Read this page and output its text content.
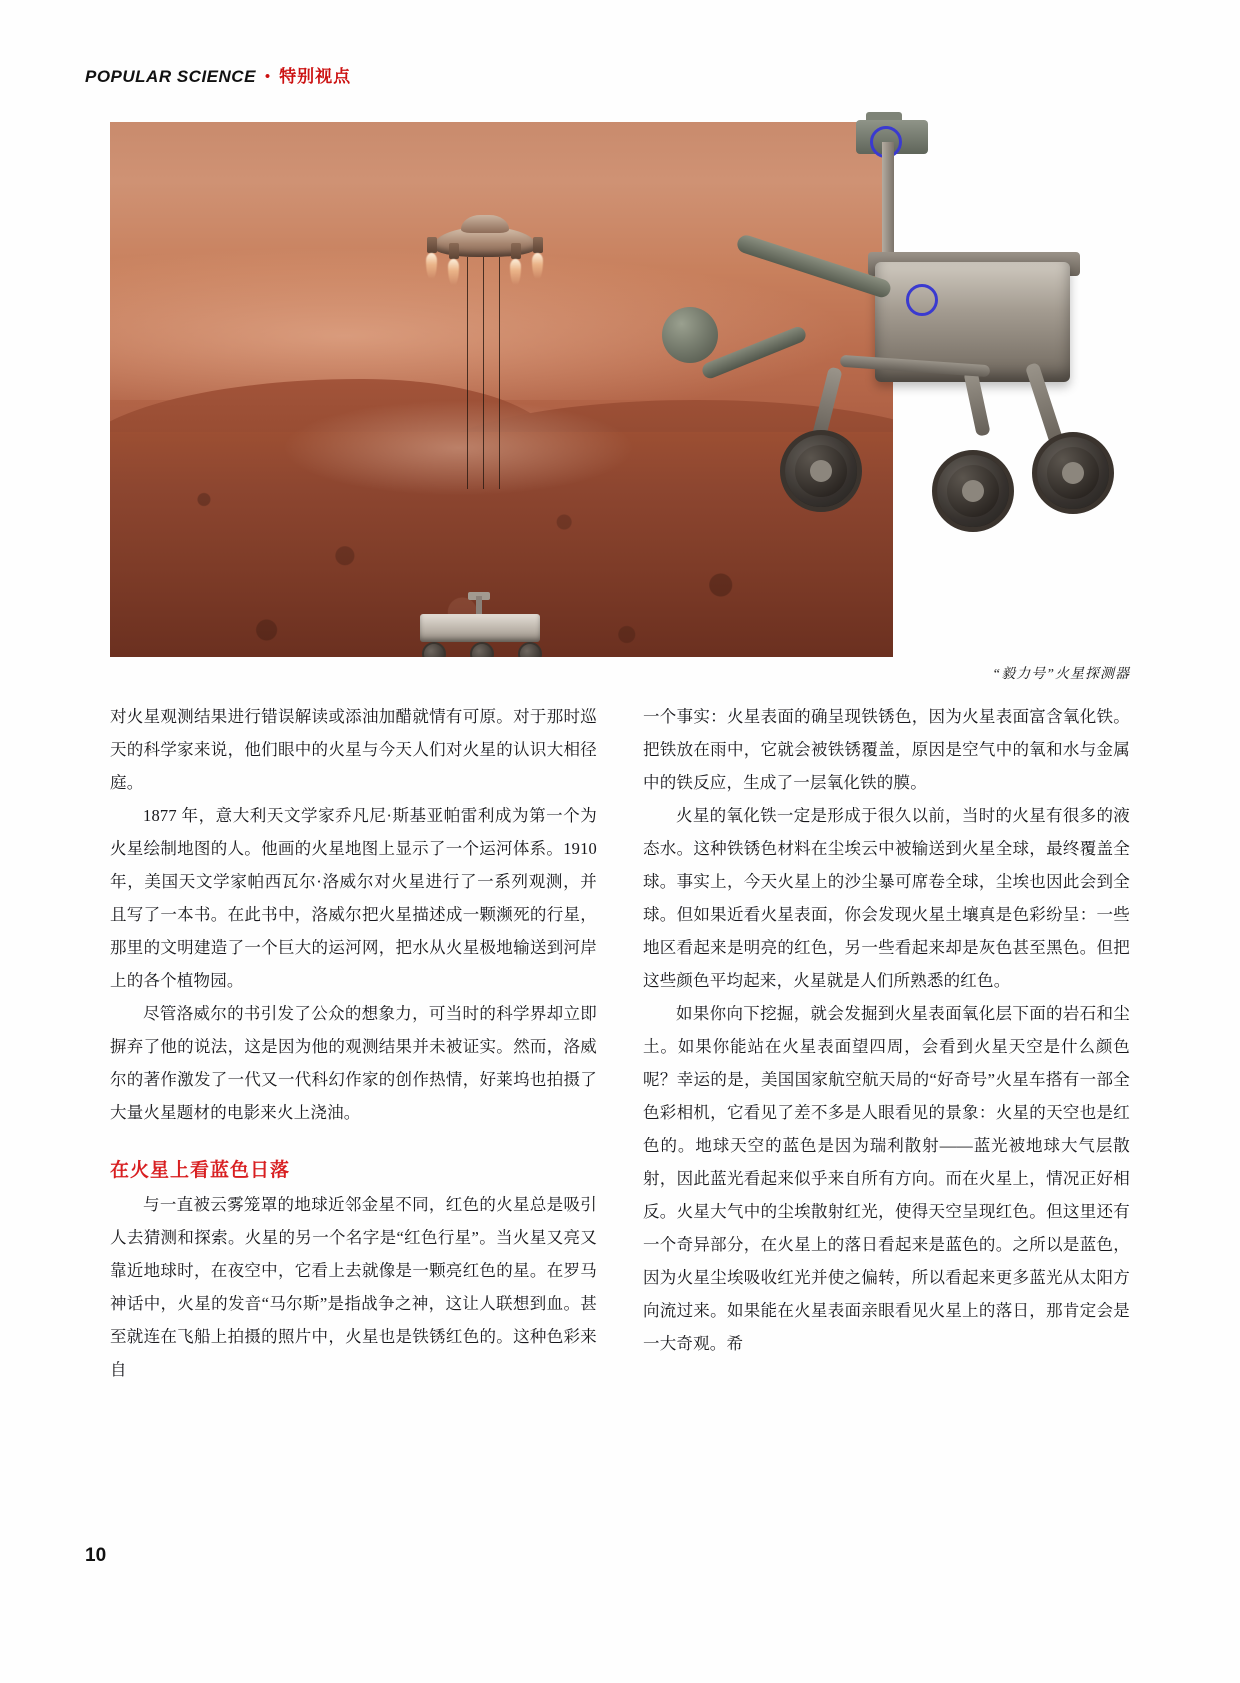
POPULAR SCIENCE • 特别视点
“毅力号”火星探测器

对火星观测结果进行错误解读或添油加醋就情有可原。对于那时巡天的科学家来说，他们眼中的火星与今天人们对火星的认识大相径庭。

1877 年，意大利天文学家乔凡尼·斯基亚帕雷利成为第一个为火星绘制地图的人。他画的火星地图上显示了一个运河体系。1910 年，美国天文学家帕西瓦尔·洛威尔对火星进行了一系列观测，并且写了一本书。在此书中，洛威尔把火星描述成一颗濒死的行星，那里的文明建造了一个巨大的运河网，把水从火星极地输送到河岸上的各个植物园。

尽管洛威尔的书引发了公众的想象力，可当时的科学界却立即摒弃了他的说法，这是因为他的观测结果并未被证实。然而，洛威尔的著作激发了一代又一代科幻作家的创作热情，好莱坞也拍摄了大量火星题材的电影来火上浇油。

在火星上看蓝色日落

与一直被云雾笼罩的地球近邻金星不同，红色的火星总是吸引人去猜测和探索。火星的另一个名字是“红色行星”。当火星又亮又靠近地球时，在夜空中，它看上去就像是一颗亮红色的星。在罗马神话中，火星的发音“马尔斯”是指战争之神，这让人联想到血。甚至就连在飞船上拍摄的照片中，火星也是铁锈红色的。这种色彩来自

一个事实：火星表面的确呈现铁锈色，因为火星表面富含氧化铁。把铁放在雨中，它就会被铁锈覆盖，原因是空气中的氧和水与金属中的铁反应，生成了一层氧化铁的膜。

火星的氧化铁一定是形成于很久以前，当时的火星有很多的液态水。这种铁锈色材料在尘埃云中被输送到火星全球，最终覆盖全球。事实上，今天火星上的沙尘暴可席卷全球，尘埃也因此会到全球。但如果近看火星表面，你会发现火星土壤真是色彩纷呈：一些地区看起来是明亮的红色，另一些看起来却是灰色甚至黑色。但把这些颜色平均起来，火星就是人们所熟悉的红色。

如果你向下挖掘，就会发掘到火星表面氧化层下面的岩石和尘土。如果你能站在火星表面望四周，会看到火星天空是什么颜色呢？幸运的是，美国国家航空航天局的“好奇号”火星车搭有一部全色彩相机，它看见了差不多是人眼看见的景象：火星的天空也是红色的。地球天空的蓝色是因为瑞利散射——蓝光被地球大气层散射，因此蓝光看起来似乎来自所有方向。而在火星上，情况正好相反。火星大气中的尘埃散射红光，使得天空呈现红色。但这里还有一个奇异部分，在火星上的落日看起来是蓝色的。之所以是蓝色，因为火星尘埃吸收红光并使之偏转，所以看起来更多蓝光从太阳方向流过来。如果能在火星表面亲眼看见火星上的落日，那肯定会是一大奇观。希

10
